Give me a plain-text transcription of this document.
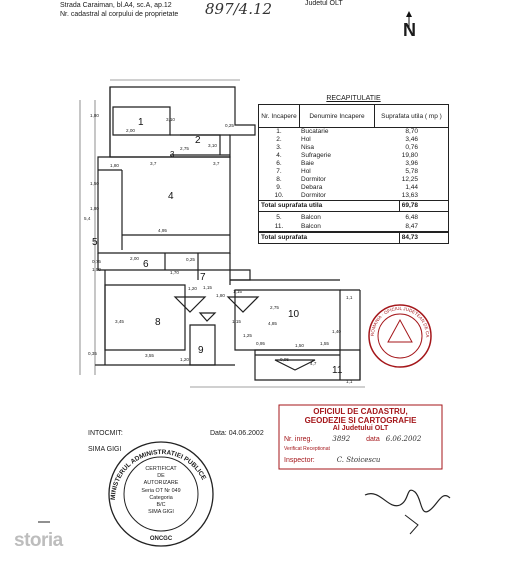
Strada Caraiman, bl.A4, sc.A, ap.12
Nr. cadastral al corpului de proprietate 897/4.12	Judetul OLT
N
1
2
3
4
5
6
7
8
9
10
11
1,80
2,00
3,10
2,75
0,25
3,10
3,7
1,80	3,7
1,50
5,4
4,95
1,80
0,75
1,50
2,00	0,25
1,70
1,20 1,15
3,45
1,15
1,15	4,85
1,1
3,55
0,35
1,20
0,95	1,50
0,95
4,7
1,55
1,1
2,75
1,80
1,25
1,40
RECAPITULATIE
Nr. Incapere	Denumire Incapere	Suprafata utila ( mp )
1.	Bucatarie	8,70
2.	Hol	3,46
3.	Nisa	0,76
4.	Sufragerie	19,80
6.	Baie	3,96
7.	Hol	5,78
8.	Dormitor	12,25
9.	Debara	1,44
10.	Dormitor	13,63
Total suprafata utila	69,78
5.	Balcon	6,48
11.	Balcon	8,47
Total suprafata	84,73
ROMANIA · OFICIUL JUDETEAN DE CA
INTOCMIT:
SIMA GIGI
Data: 04.06.2002
OFICIUL DE CADASTRU,
GEODEZIE SI CARTOGRAFIE
Al Judetului OLT
Nr. inreg.	3892 data 6.06.2002
Verificat Receptionat
Inspector:	C. Stoicescu
MINISTERUL ADMINISTRATIEI PUBLICE
CERTIFICAT
DE
AUTORIZARE
Seria OT Nr 049
Categoria
B/C
SIMA GIGI
ONCGC
storia
